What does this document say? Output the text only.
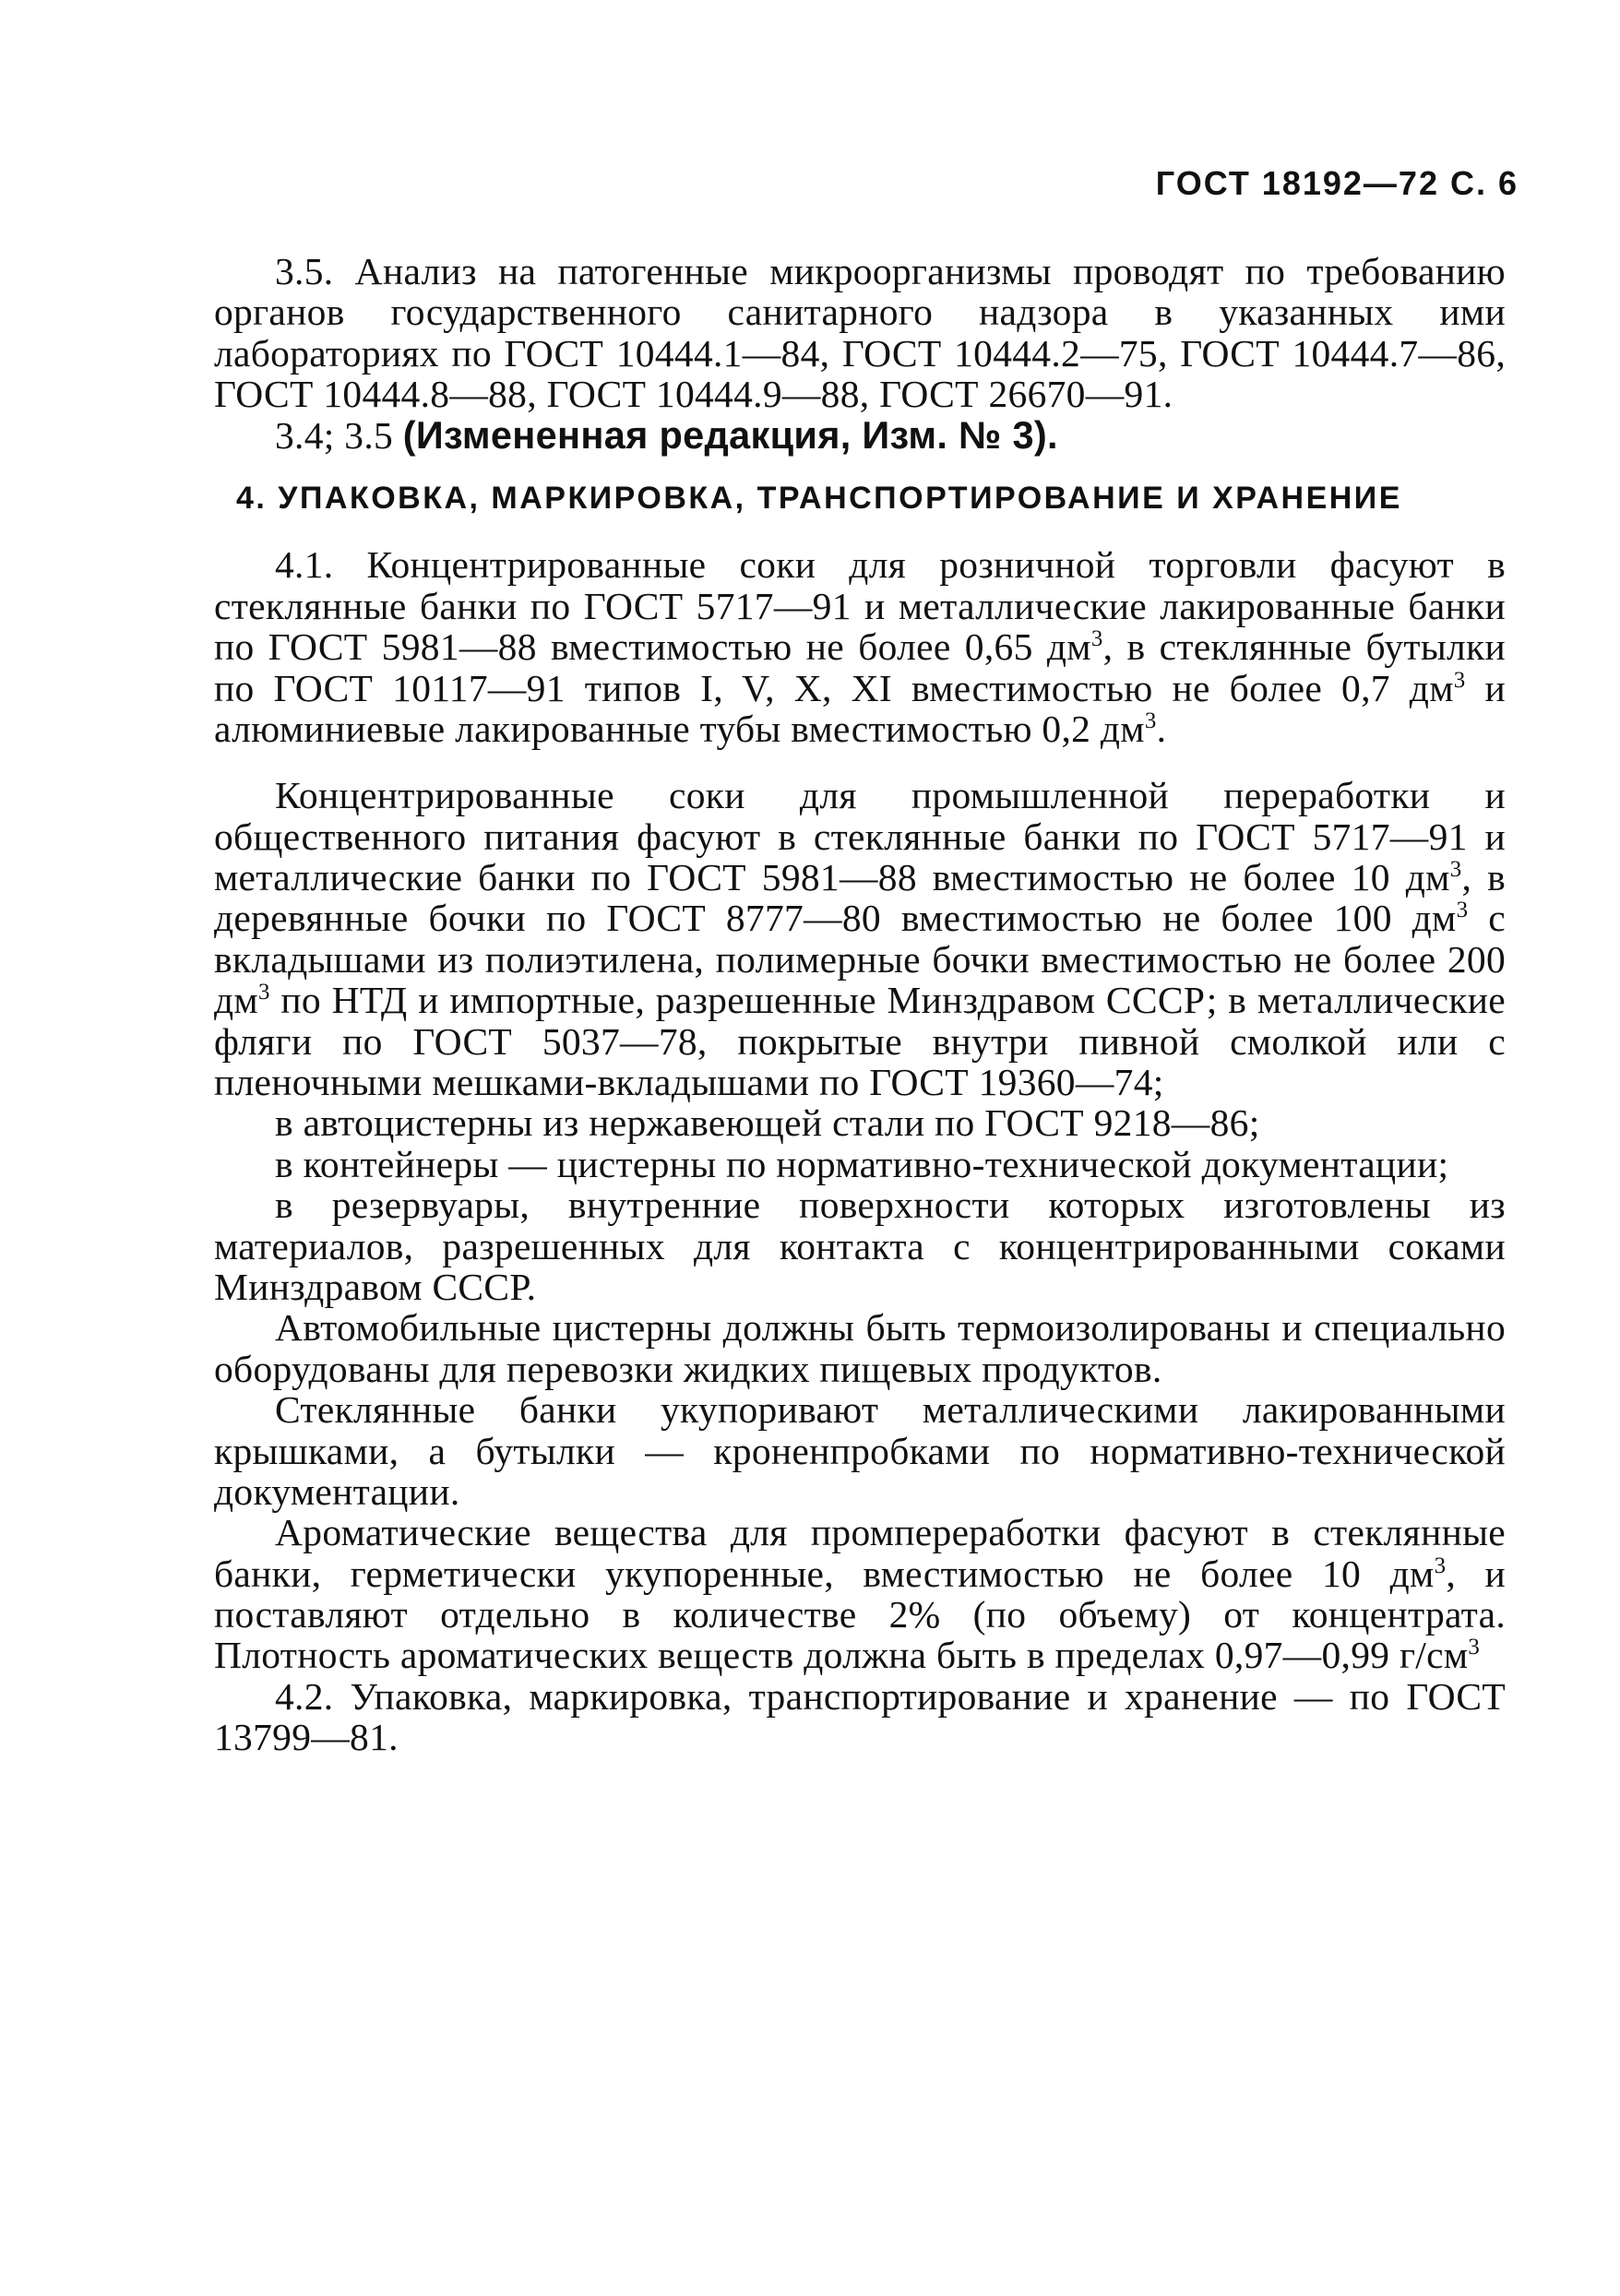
ГОСТ 18192—72 С. 6

3.5. Анализ на патогенные микроорганизмы проводят по требованию органов государственного санитарного надзора в указанных ими лабораториях по ГОСТ 10444.1—84, ГОСТ 10444.2—75, ГОСТ 10444.7—86, ГОСТ 10444.8—88, ГОСТ 10444.9—88, ГОСТ 26670—91.

3.4; 3.5 (Измененная редакция, Изм. № 3).

4. УПАКОВКА, МАРКИРОВКА, ТРАНСПОРТИРОВАНИЕ И ХРАНЕНИЕ

4.1. Концентрированные соки для розничной торговли фасуют в стеклянные банки по ГОСТ 5717—91 и металлические лакированные банки по ГОСТ 5981—88 вместимостью не более 0,65 $дм^3$, в стеклянные бутылки по ГОСТ 10117—91 типов I, V, X, XI вместимостью не более 0,7 $дм^3$ и алюминиевые лакированные тубы вместимостью 0,2 $дм^3$.

Концентрированные соки для промышленной переработки и общественного питания фасуют в стеклянные банки по ГОСТ 5717—91 и металлические банки по ГОСТ 5981—88 вместимостью не более 10 $дм^3$, в деревянные бочки по ГОСТ 8777—80 вместимостью не более 100 $дм^3$ с вкладышами из полиэтилена, полимерные бочки вместимостью не более 200 $дм^3$ по НТД и импортные, разрешенные Минздравом СССР; в металлические фляги по ГОСТ 5037—78, покрытые внутри пивной смолкой или с пленочными мешками-вкладышами по ГОСТ 19360—74;

в автоцистерны из нержавеющей стали по ГОСТ 9218—86;

в контейнеры — цистерны по нормативно-технической документации;

в резервуары, внутренние поверхности которых изготовлены из материалов, разрешенных для контакта с концентрированными соками Минздравом СССР.

Автомобильные цистерны должны быть термоизолированы и специально оборудованы для перевозки жидких пищевых продуктов.

Стеклянные банки укупоривают металлическими лакированными крышками, а бутылки — кроненпробками по нормативно-технической документации.

Ароматические вещества для промпереработки фасуют в стеклянные банки, герметически укупоренные, вместимостью не более 10 $дм^3$, и поставляют отдельно в количестве 2% (по объему) от концентрата. Плотность ароматических веществ должна быть в пределах 0,97—0,99 $г/см^3$

4.2. Упаковка, маркировка, транспортирование и хранение — по ГОСТ 13799—81.
